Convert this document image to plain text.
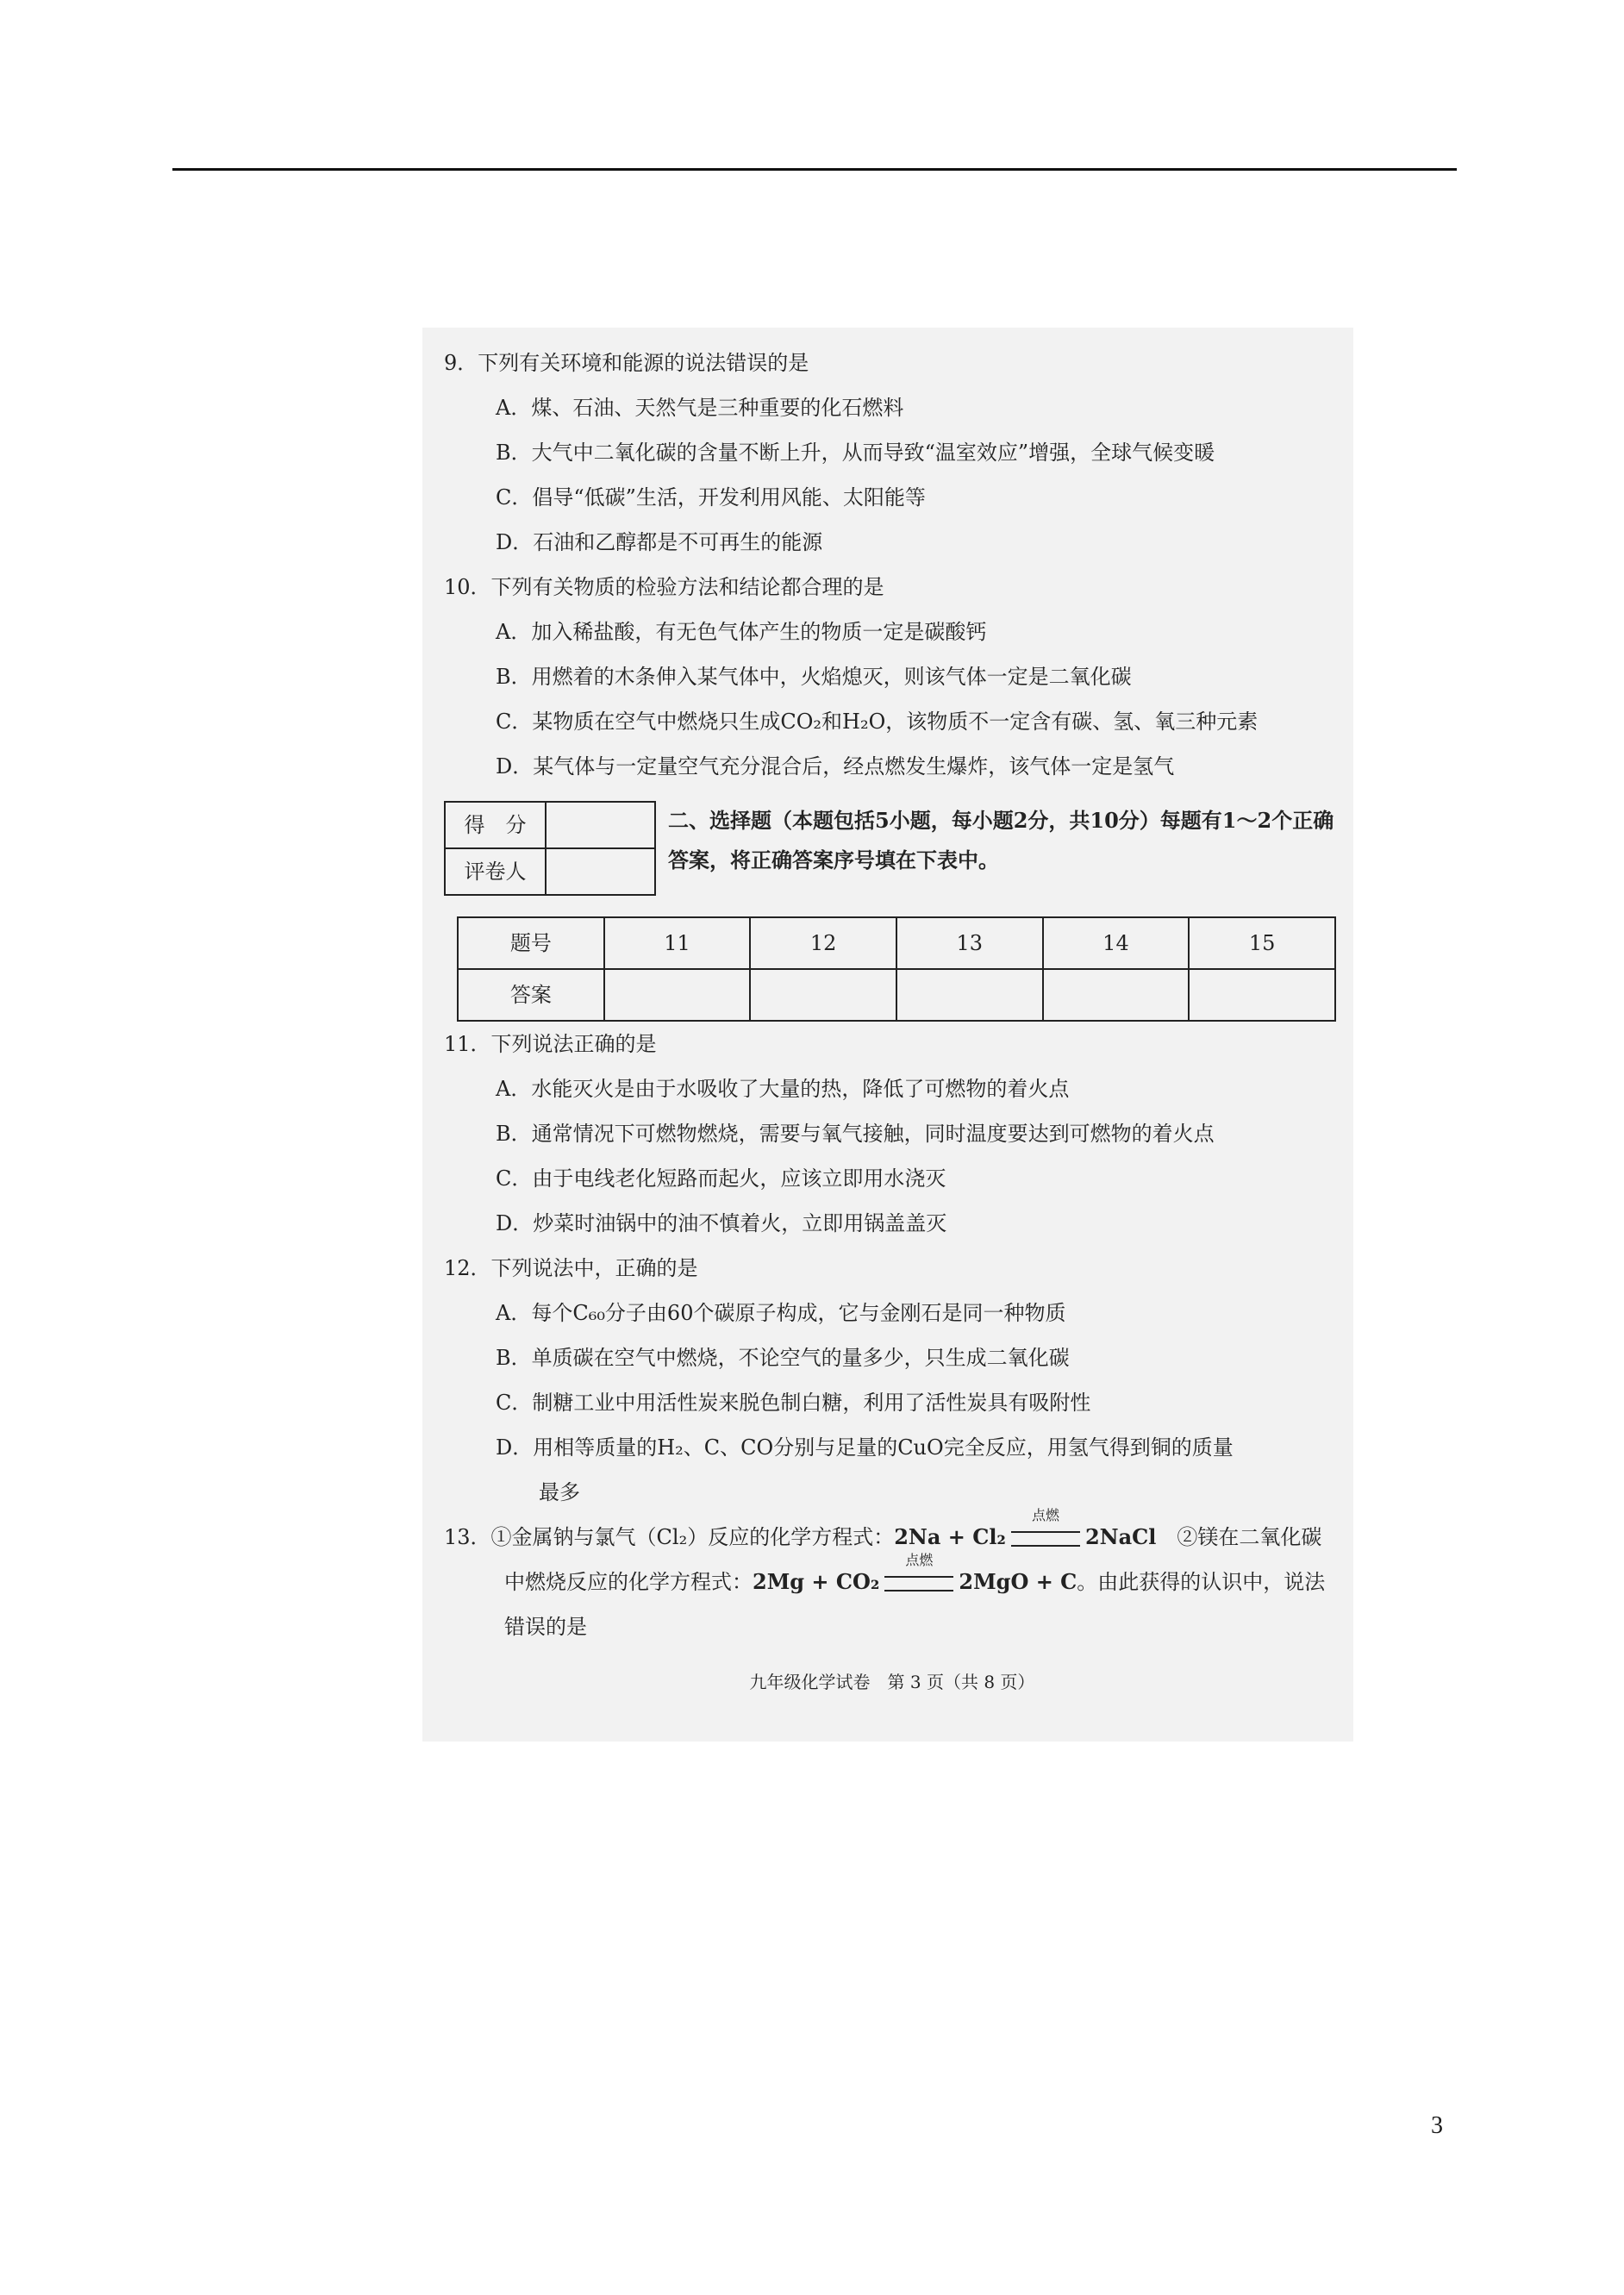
9．下列有关环境和能源的说法错误的是

A．煤、石油、天然气是三种重要的化石燃料

B．大气中二氧化碳的含量不断上升，从而导致“温室效应”增强，全球气候变暖

C．倡导“低碳”生活，开发利用风能、太阳能等

D．石油和乙醇都是不可再生的能源

10．下列有关物质的检验方法和结论都合理的是

A．加入稀盐酸，有无色气体产生的物质一定是碳酸钙

B．用燃着的木条伸入某气体中，火焰熄灭，则该气体一定是二氧化碳

C．某物质在空气中燃烧只生成CO₂和H₂O，该物质不一定含有碳、氢、氧三种元素

D．某气体与一定量空气充分混合后，经点燃发生爆炸，该气体一定是氢气

得　分	
评卷人	
二、选择题（本题包括5小题，每小题2分，共10分）每题有1～2个正确答案，将正确答案序号填在下表中。
题号	11	12	13	14	15
答案					

11．下列说法正确的是

A．水能灭火是由于水吸收了大量的热，降低了可燃物的着火点

B．通常情况下可燃物燃烧，需要与氧气接触，同时温度要达到可燃物的着火点

C．由于电线老化短路而起火，应该立即用水浇灭

D．炒菜时油锅中的油不慎着火，立即用锅盖盖灭

12．下列说法中，正确的是

A．每个C₆₀分子由60个碳原子构成，它与金刚石是同一种物质

B．单质碳在空气中燃烧，不论空气的量多少，只生成二氧化碳

C．制糖工业中用活性炭来脱色制白糖，利用了活性炭具有吸附性

D．用相等质量的H₂、C、CO分别与足量的CuO完全反应，用氢气得到铜的质量

最多

13．①金属钠与氯气（Cl₂）反应的化学方程式：2Na + Cl₂
点燃
2NaCl　 ②镁在二氧化碳

中燃烧反应的化学方程式：2Mg + CO₂
点燃
2MgO + C。由此获得的认识中，说法

错误的是

九年级化学试卷　第 3 页（共 8 页）
3
